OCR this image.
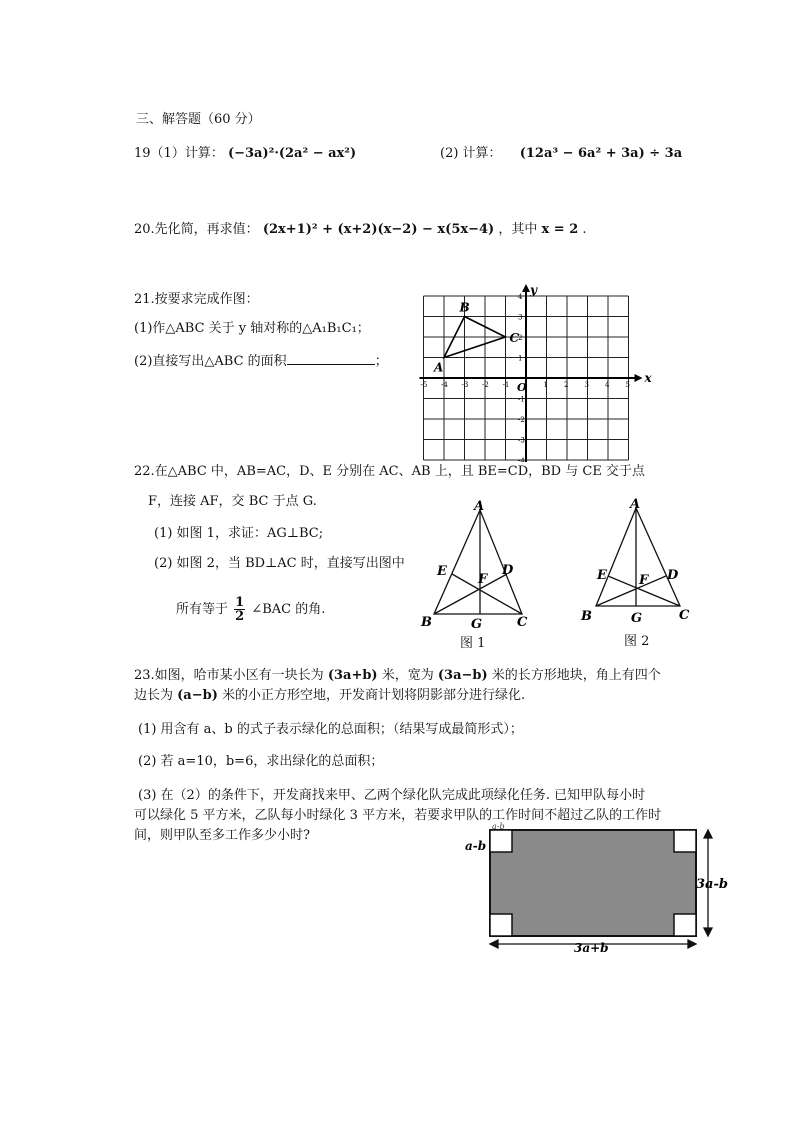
三、解答题（60 分）
19（1）计算： (−3a)²·(2a² − ax²)	(2) 计算： (12a³ − 6a² + 3a) ÷ 3a
20.先化简，再求值： (2x+1)² + (x+2)(x−2) − x(5x−4) ，其中 x = 2 .
21.按要求完成作图：
(1)作△ABC 关于 y 轴对称的△A₁B₁C₁；
(2)直接写出△ABC 的面积	；
x
y
O
-5 -4 -3 -2 -1	1 2 3 4 5
4
3
2
1
-1
-2
-3
-4
A
B
C
22.在△ABC 中，AB=AC，D、E 分别在 AC、AB 上，且 BE=CD，BD 与 CE 交于点
F，连接 AF，交 BC 于点 G.
(1) 如图 1，求证：AG⊥BC;
(2) 如图 2，当 BD⊥AC 时，直接写出图中
所有等于 $\frac{1}{2}$ ∠BAC 的角.
A
B	C
D
E
F
G
图 1
A
B	C
D
E F
G
图 2
23.如图，哈市某小区有一块长为 (3a+b) 米，宽为 (3a−b) 米的长方形地块，角上有四个
边长为 (a−b) 米的小正方形空地，开发商计划将阴影部分进行绿化.
(1) 用含有 a、b 的式子表示绿化的总面积；（结果写成最简形式）；
(2) 若 a=10，b=6，求出绿化的总面积；
(3) 在（2）的条件下，开发商找来甲、乙两个绿化队完成此项绿化任务. 已知甲队每小时
可以绿化 5 平方米，乙队每小时绿化 3 平方米，若要求甲队的工作时间不超过乙队的工作时
间，则甲队至多工作多少小时?
a-b
a-b
3a-b
3a+b
